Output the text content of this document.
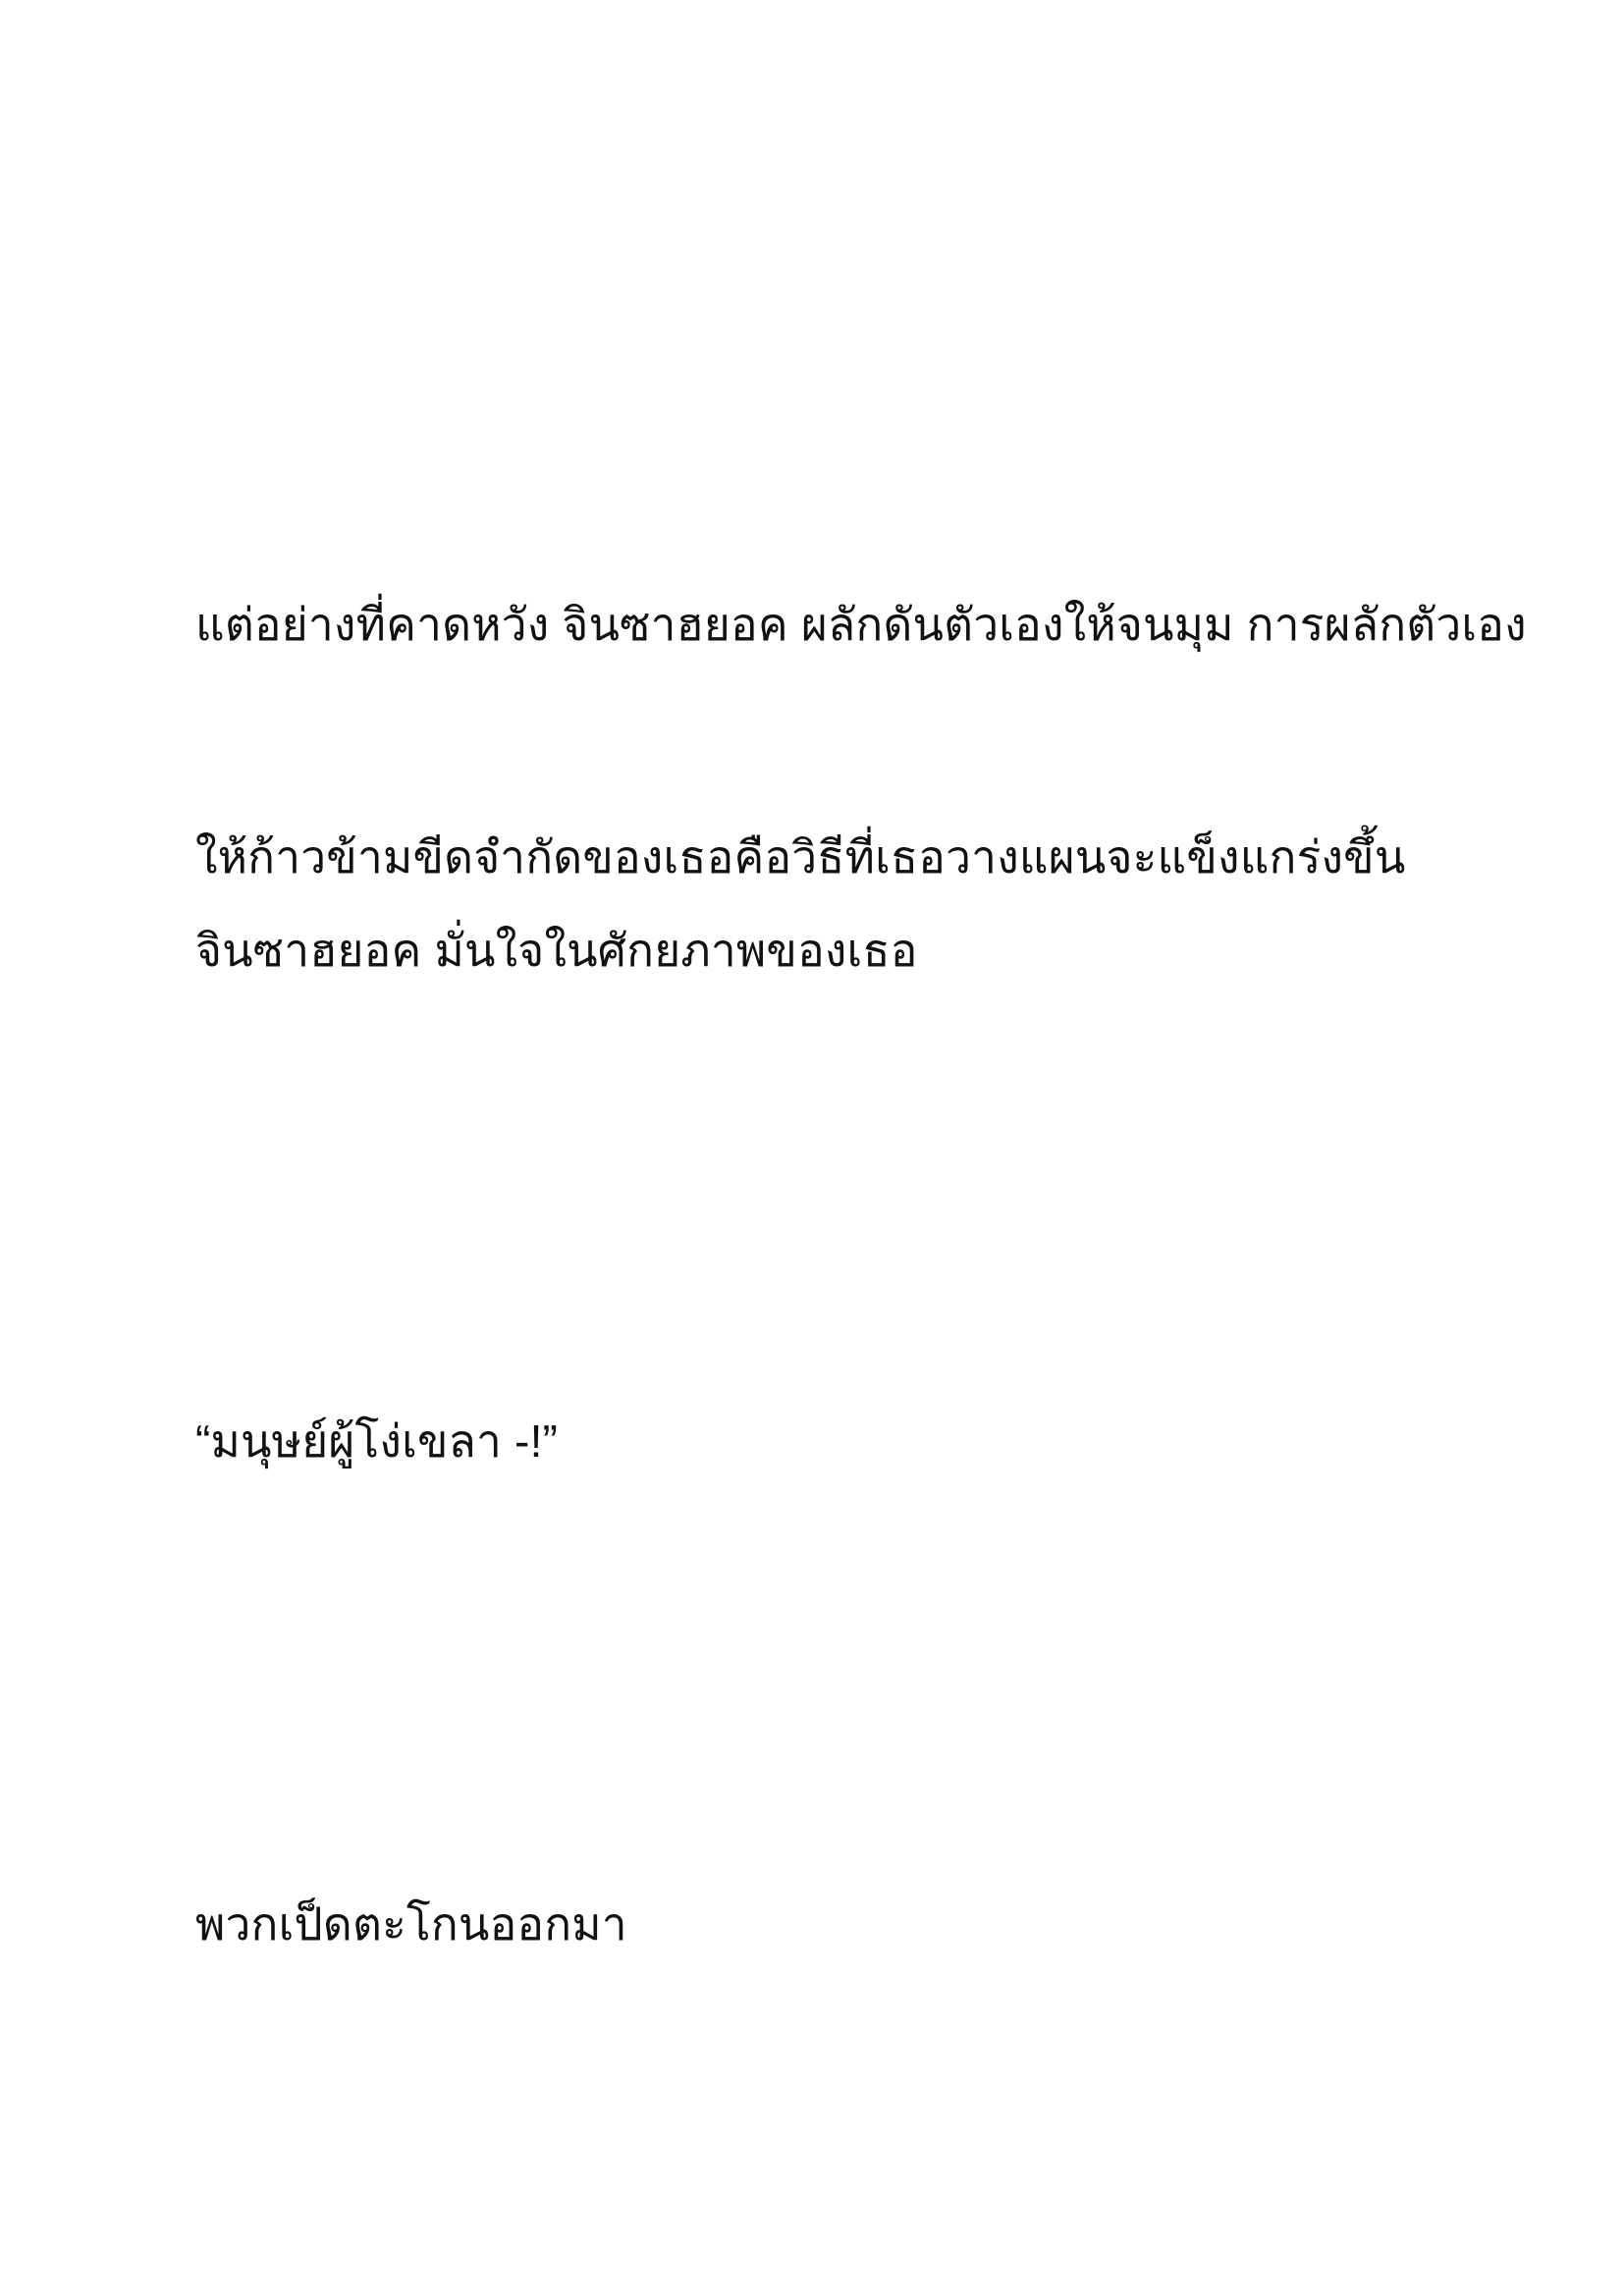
แต่อย่างที่คาดหวัง จินซาฮยอค ผลักดันตัวเองให้จนมุม การผลักตัวเอง

ให้ก้าวข้ามขีดจำกัดของเธอคือวิธีที่เธอวางแผนจะแข็งแกร่งขึ้น

จินซาฮยอค มั่นใจในศักยภาพของเธอ

“มนุษย์ผู้โง่เขลา -!”

พวกเป็ดตะโกนออกมา
